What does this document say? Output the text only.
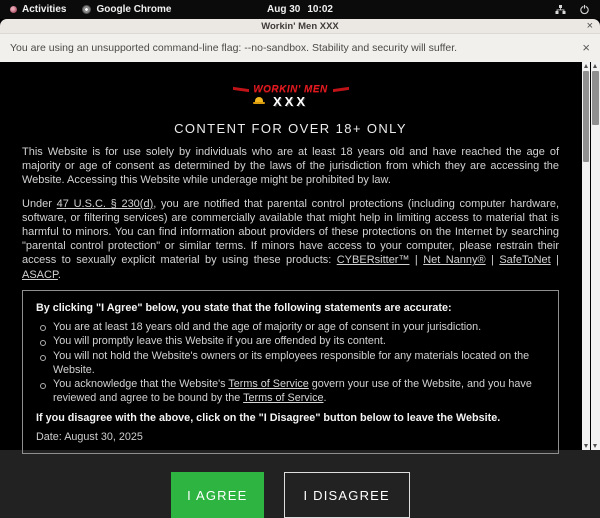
Activities	Google Chrome	Aug 30 10:02
Workin' Men XXX	×
You are using an unsupported command-line flag: --no-sandbox. Stability and security will suffer.	×
WORKIN' MEN
XXX
CONTENT FOR OVER 18+ ONLY

This Website is for use solely by individuals who are at least 18 years old and have reached the age of majority or age of consent as determined by the laws of the jurisdiction from which they are accessing the Website. Accessing this Website while underage might be prohibited by law.

Under 47 U.S.C. § 230(d), you are notified that parental control protections (including computer hardware, software, or filtering services) are commercially available that might help in limiting access to material that is harmful to minors. You can find information about providers of these protections on the Internet by searching "parental control protection" or similar terms. If minors have access to your computer, please restrain their access to sexually explicit material by using these products: CYBERsitter™ | Net Nanny® | SafeToNet | ASACP.

By clicking "I Agree" below, you state that the following statements are accurate:
You are at least 18 years old and the age of majority or age of consent in your jurisdiction.
You will promptly leave this Website if you are offended by its content.
You will not hold the Website's owners or its employees responsible for any materials located on the Website.
You acknowledge that the Website's Terms of Service govern your use of the Website, and you have reviewed and agree to be bound by the Terms of Service.
If you disagree with the above, click on the "I Disagree" button below to leave the Website.
Date: August 30, 2025
I AGREE	I DISAGREE
